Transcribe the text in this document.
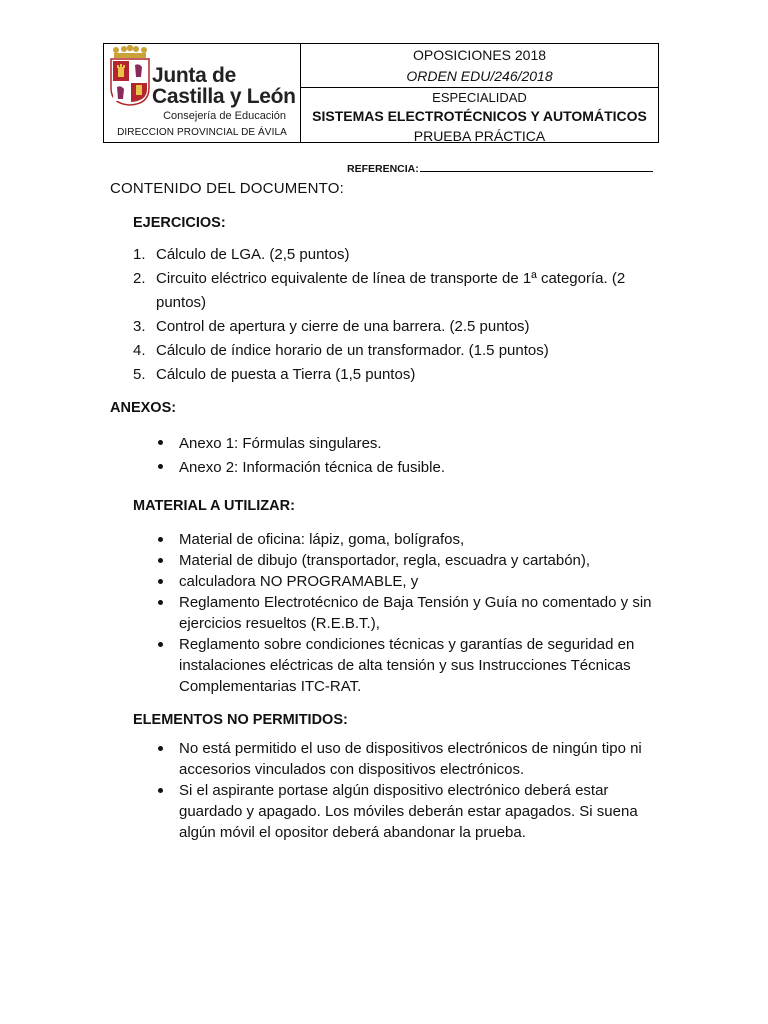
Junta de
Castilla y León
Consejería de Educación
DIRECCION PROVINCIAL DE ÁVILA
OPOSICIONES 2018
ORDEN EDU/246/2018
ESPECIALIDAD
SISTEMAS ELECTROTÉCNICOS Y AUTOMÁTICOS
PRUEBA PRÁCTICA
REFERENCIA:

CONTENIDO DEL DOCUMENTO:

EJERCICIOS:

1. Cálculo de LGA. (2,5 puntos)
2. Circuito eléctrico equivalente de línea de transporte de 1ª categoría. (2 puntos)
3. Control de apertura y cierre de una barrera. (2.5 puntos)
4. Cálculo de índice horario de un transformador. (1.5 puntos)
5. Cálculo de puesta a Tierra (1,5 puntos)

ANEXOS:

Anexo 1: Fórmulas singulares.
Anexo 2: Información técnica de fusible.

MATERIAL A UTILIZAR:

Material de oficina: lápiz, goma, bolígrafos,
Material de dibujo (transportador, regla, escuadra y cartabón),
calculadora NO PROGRAMABLE, y
Reglamento Electrotécnico de Baja Tensión y Guía no comentado y sin ejercicios resueltos (R.E.B.T.),
Reglamento sobre condiciones técnicas y garantías de seguridad en instalaciones eléctricas de alta tensión y sus Instrucciones Técnicas Complementarias ITC-RAT.

ELEMENTOS NO PERMITIDOS:

No está permitido el uso de dispositivos electrónicos de ningún tipo ni accesorios vinculados con dispositivos electrónicos.
Si el aspirante portase algún dispositivo electrónico deberá estar guardado y apagado. Los móviles deberán estar apagados. Si suena algún móvil el opositor deberá abandonar la prueba.
